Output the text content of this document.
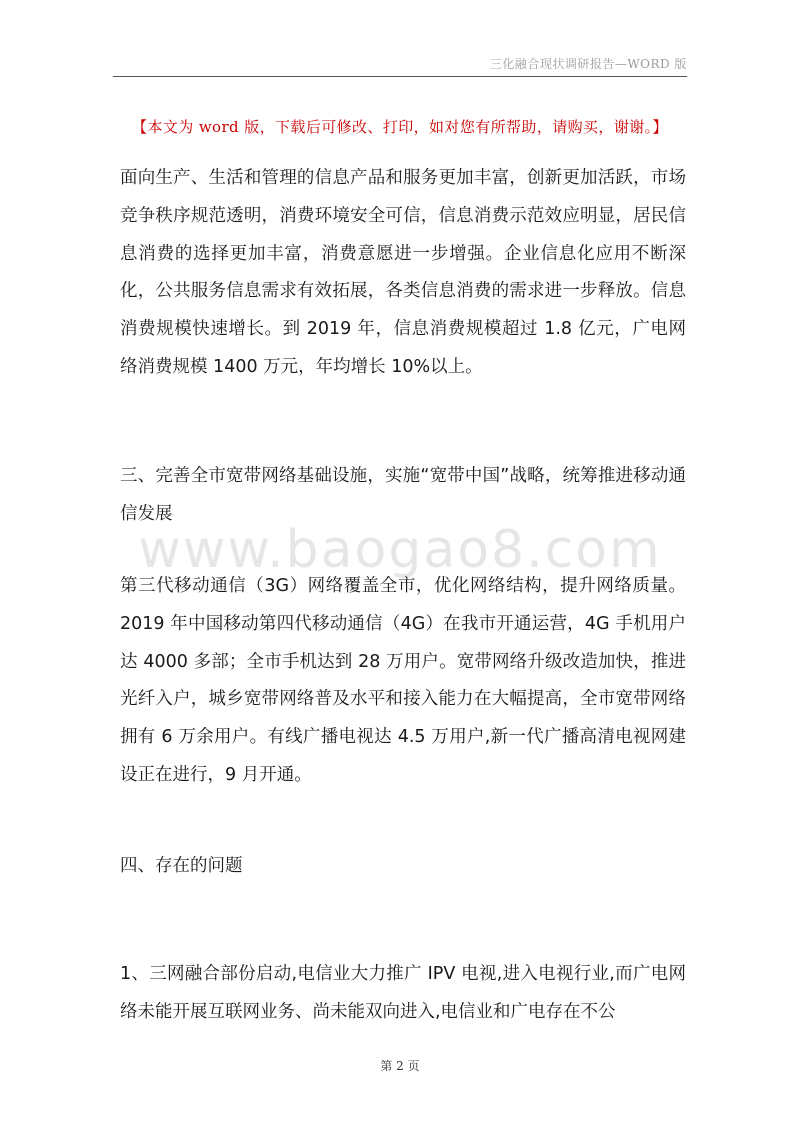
三化融合现状调研报告—WORD 版
【本文为 word 版，下载后可修改、打印，如对您有所帮助，请购买，谢谢。】
www.baogao8.com

面向生产、生活和管理的信息产品和服务更加丰富，创新更加活跃，市场竞争秩序规范透明，消费环境安全可信，信息消费示范效应明显，居民信息消费的选择更加丰富，消费意愿进一步增强。企业信息化应用不断深化，公共服务信息需求有效拓展，各类信息消费的需求进一步释放。信息消费规模快速增长。到 2019 年，信息消费规模超过 1.8 亿元，广电网络消费规模 1400 万元，年均增长 10%以上。

三、完善全市宽带网络基础设施，实施“宽带中国”战略，统筹推进移动通信发展

第三代移动通信（3G）网络覆盖全市，优化网络结构，提升网络质量。2019 年中国移动第四代移动通信（4G）在我市开通运营，4G 手机用户达 4000 多部；全市手机达到 28 万用户。宽带网络升级改造加快，推进光纤入户，城乡宽带网络普及水平和接入能力在大幅提高，全市宽带网络拥有 6 万余用户。有线广播电视达 4.5 万用户,新一代广播高清电视网建设正在进行，9 月开通。

四、存在的问题

1、三网融合部份启动,电信业大力推广 IPV 电视,进入电视行业,而广电网络未能开展互联网业务、尚未能双向进入,电信业和广电存在不公

第 2 页
